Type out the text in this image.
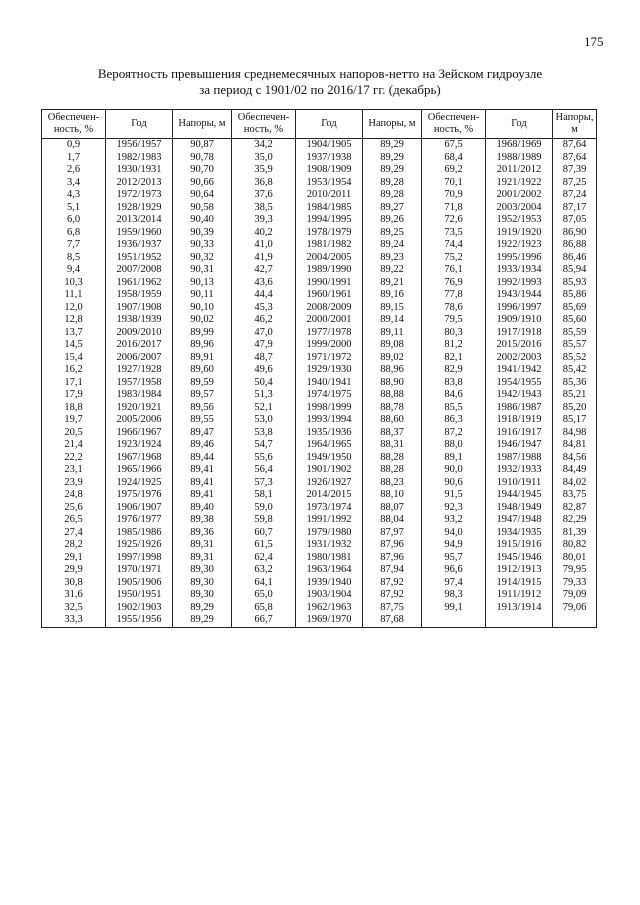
175
Вероятность превышения среднемесячных напоров-нетто на Зейском гидроузле
за период с 1901/02 по 2016/17 гг. (декабрь)
Обеспечен-ность, %	Год	Напоры, м	Обеспечен-ность, %	Год	Напоры, м	Обеспечен-ность, %	Год	Напоры, м
0,9	1956/1957	90,87	34,2	1904/1905	89,29	67,5	1968/1969	87,64
1,7	1982/1983	90,78	35,0	1937/1938	89,29	68,4	1988/1989	87,64
2,6	1930/1931	90,70	35,9	1908/1909	89,29	69,2	2011/2012	87,39
3,4	2012/2013	90,66	36,8	1953/1954	89,28	70,1	1921/1922	87,25
4,3	1972/1973	90,64	37,6	2010/2011	89,28	70,9	2001/2002	87,24
5,1	1928/1929	90,58	38,5	1984/1985	89,27	71,8	2003/2004	87,17
6,0	2013/2014	90,40	39,3	1994/1995	89,26	72,6	1952/1953	87,05
6,8	1959/1960	90,39	40,2	1978/1979	89,25	73,5	1919/1920	86,90
7,7	1936/1937	90,33	41,0	1981/1982	89,24	74,4	1922/1923	86,88
8,5	1951/1952	90,32	41,9	2004/2005	89,23	75,2	1995/1996	86,46
9,4	2007/2008	90,31	42,7	1989/1990	89,22	76,1	1933/1934	85,94
10,3	1961/1962	90,13	43,6	1990/1991	89,21	76,9	1992/1993	85,93
11,1	1958/1959	90,11	44,4	1960/1961	89,16	77,8	1943/1944	85,86
12,0	1907/1908	90,10	45,3	2008/2009	89,15	78,6	1996/1997	85,69
12,8	1938/1939	90,02	46,2	2000/2001	89,14	79,5	1909/1910	85,60
13,7	2009/2010	89,99	47,0	1977/1978	89,11	80,3	1917/1918	85,59
14,5	2016/2017	89,96	47,9	1999/2000	89,08	81,2	2015/2016	85,57
15,4	2006/2007	89,91	48,7	1971/1972	89,02	82,1	2002/2003	85,52
16,2	1927/1928	89,60	49,6	1929/1930	88,96	82,9	1941/1942	85,42
17,1	1957/1958	89,59	50,4	1940/1941	88,90	83,8	1954/1955	85,36
17,9	1983/1984	89,57	51,3	1974/1975	88,88	84,6	1942/1943	85,21
18,8	1920/1921	89,56	52,1	1998/1999	88,78	85,5	1986/1987	85,20
19,7	2005/2006	89,55	53,0	1993/1994	88,60	86,3	1918/1919	85,17
20,5	1966/1967	89,47	53,8	1935/1936	88,37	87,2	1916/1917	84,98
21,4	1923/1924	89,46	54,7	1964/1965	88,31	88,0	1946/1947	84,81
22,2	1967/1968	89,44	55,6	1949/1950	88,28	89,1	1987/1988	84,56
23,1	1965/1966	89,41	56,4	1901/1902	88,28	90,0	1932/1933	84,49
23,9	1924/1925	89,41	57,3	1926/1927	88,23	90,6	1910/1911	84,02
24,8	1975/1976	89,41	58,1	2014/2015	88,10	91,5	1944/1945	83,75
25,6	1906/1907	89,40	59,0	1973/1974	88,07	92,3	1948/1949	82,87
26,5	1976/1977	89,38	59,8	1991/1992	88,04	93,2	1947/1948	82,29
27,4	1985/1986	89,36	60,7	1979/1980	87,97	94,0	1934/1935	81,39
28,2	1925/1926	89,31	61,5	1931/1932	87,96	94,9	1915/1916	80,82
29,1	1997/1998	89,31	62,4	1980/1981	87,96	95,7	1945/1946	80,01
29,9	1970/1971	89,30	63,2	1963/1964	87,94	96,6	1912/1913	79,95
30,8	1905/1906	89,30	64,1	1939/1940	87,92	97,4	1914/1915	79,33
31,6	1950/1951	89,30	65,0	1903/1904	87,92	98,3	1911/1912	79,09
32,5	1902/1903	89,29	65,8	1962/1963	87,75	99,1	1913/1914	79,06
33,3	1955/1956	89,29	66,7	1969/1970	87,68			
